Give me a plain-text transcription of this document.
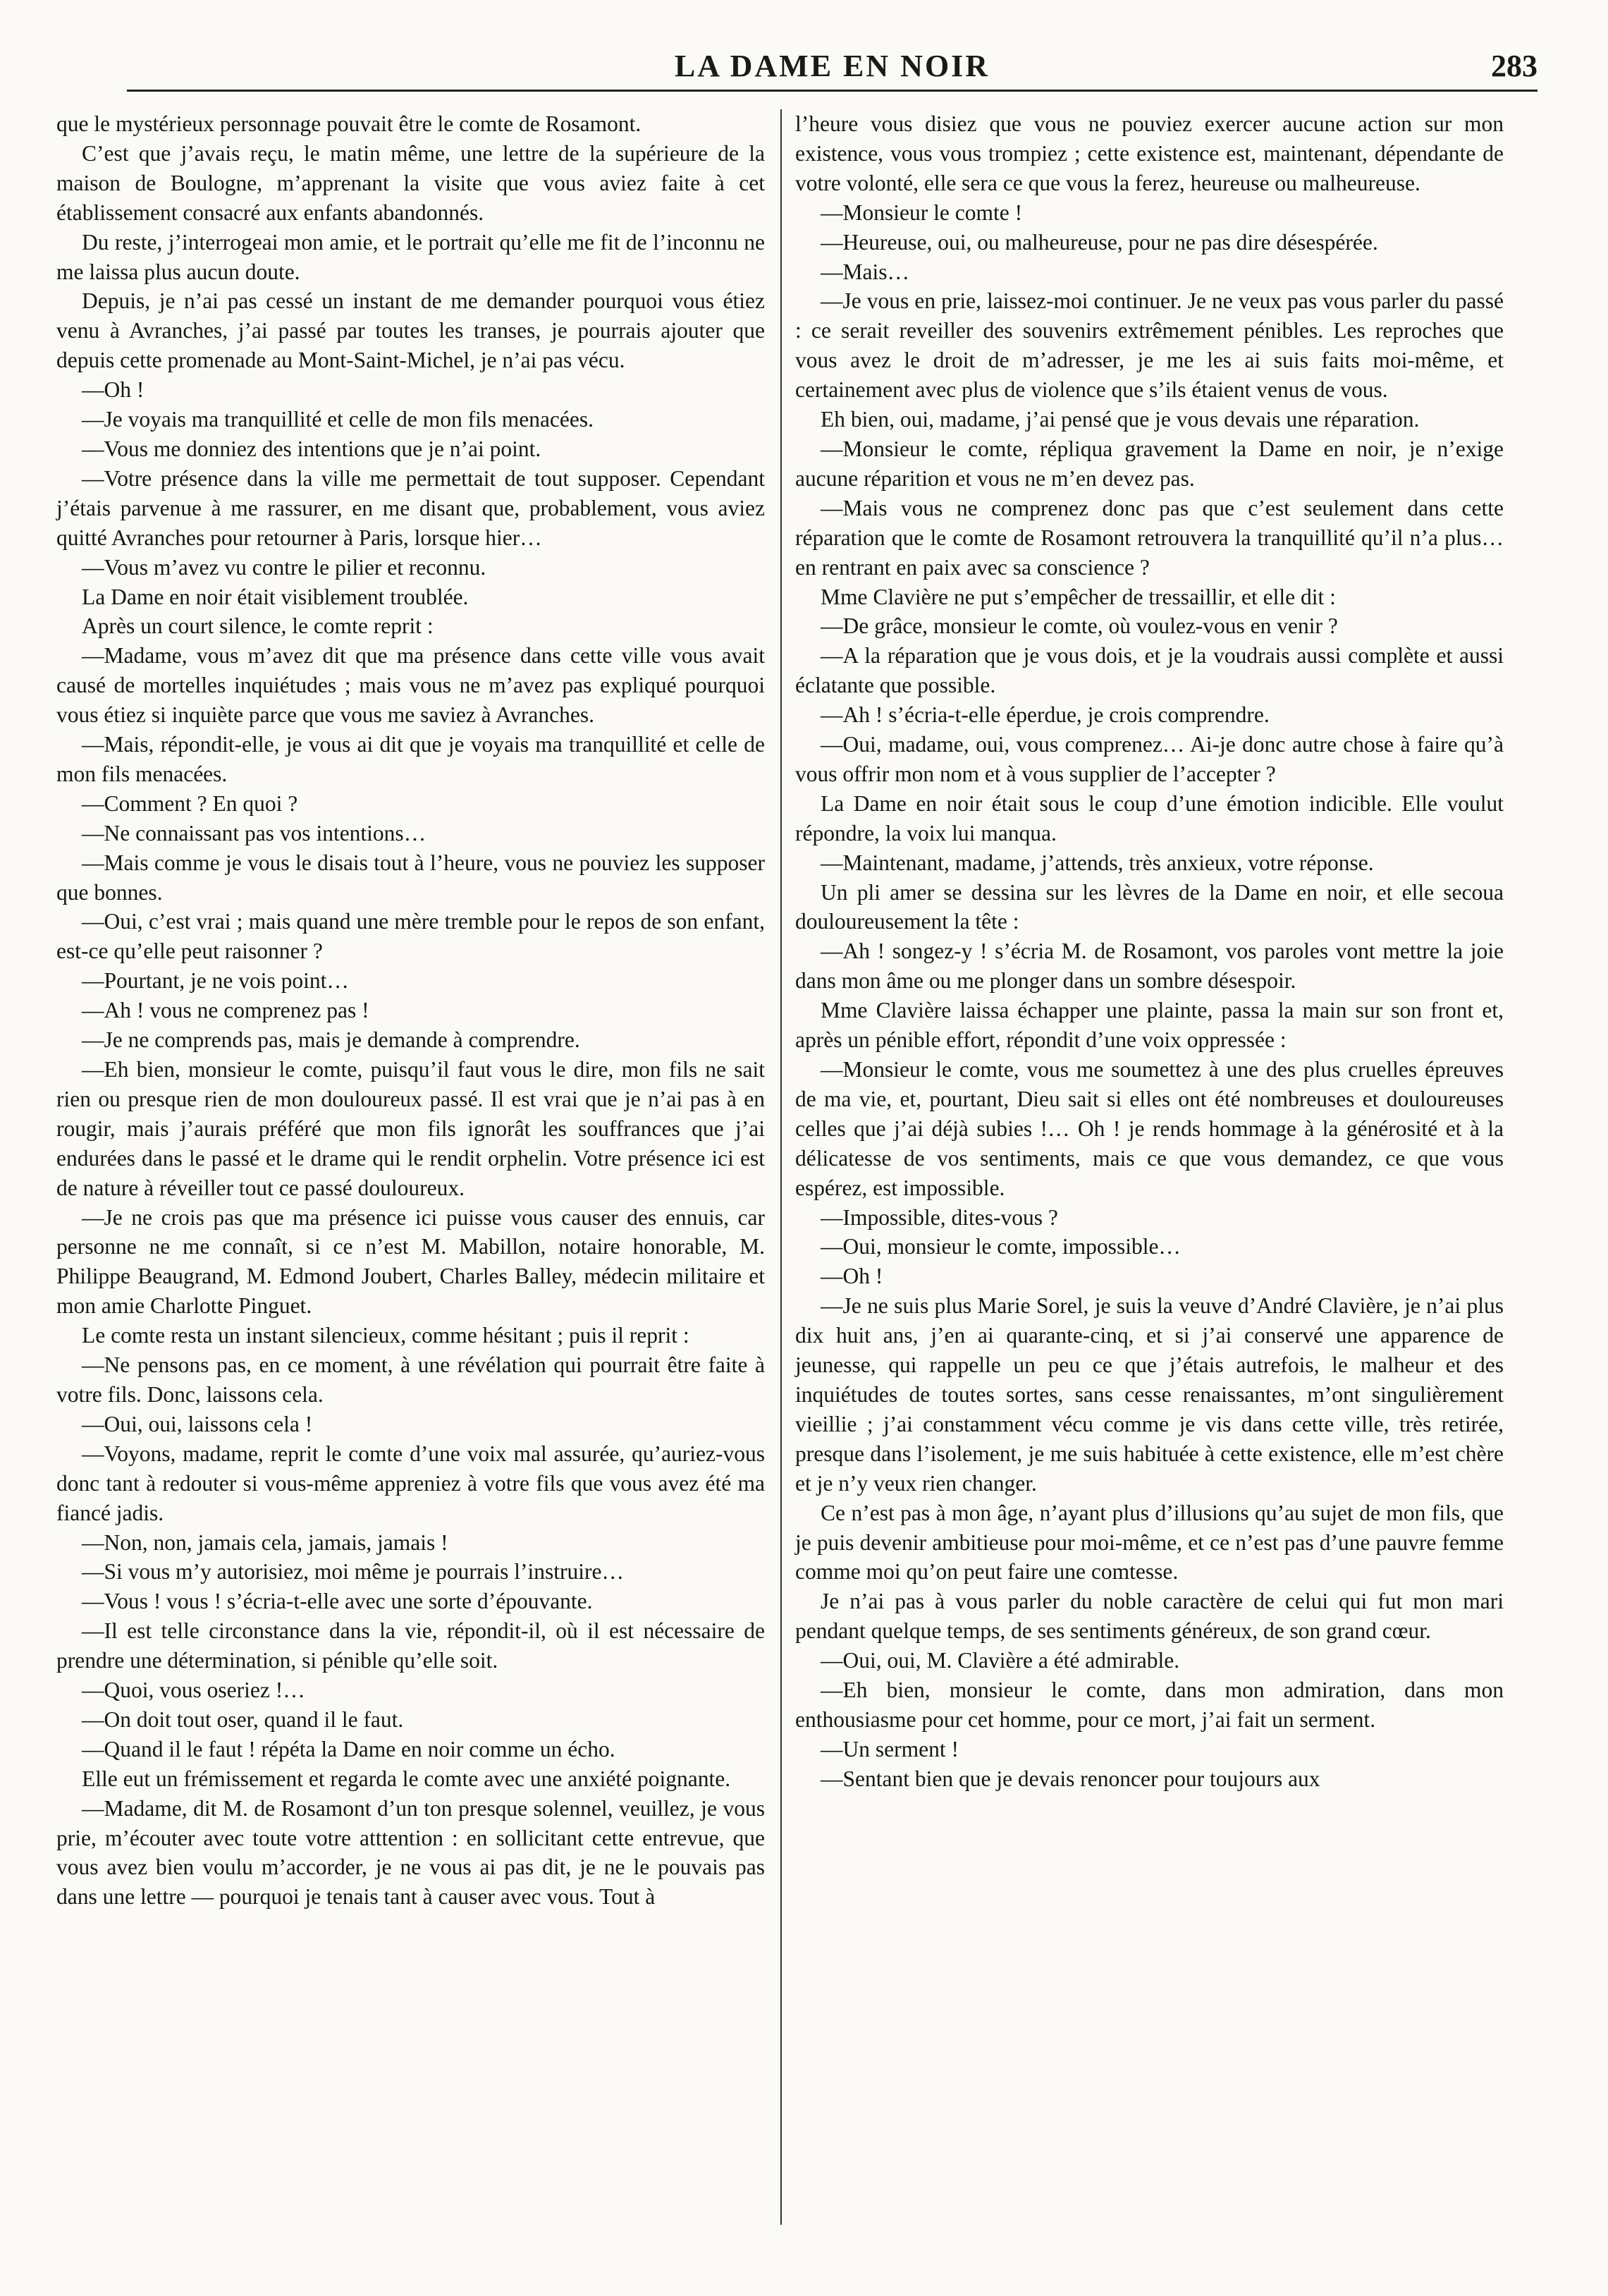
LA DAME EN NOIR	283

que le mystérieux personnage pouvait être le comte de Rosamont.

C’est que j’avais reçu, le matin même, une lettre de la supérieure de la maison de Boulogne, m’apprenant la visite que vous aviez faite à cet établissement consacré aux enfants abandonnés.

Du reste, j’interrogeai mon amie, et le portrait qu’elle me fit de l’inconnu ne me laissa plus aucun doute.

Depuis, je n’ai pas cessé un instant de me demander pourquoi vous étiez venu à Avranches, j’ai passé par toutes les transes, je pourrais ajouter que depuis cette promenade au Mont-Saint-Michel, je n’ai pas vécu.

—Oh !

—Je voyais ma tranquillité et celle de mon fils menacées.

—Vous me donniez des intentions que je n’ai point.

—Votre présence dans la ville me permettait de tout supposer. Cependant j’étais parvenue à me rassurer, en me disant que, probablement, vous aviez quitté Avranches pour retourner à Paris, lorsque hier…

—Vous m’avez vu contre le pilier et reconnu.

La Dame en noir était visiblement troublée.

Après un court silence, le comte reprit :

—Madame, vous m’avez dit que ma présence dans cette ville vous avait causé de mortelles inquiétudes ; mais vous ne m’avez pas expliqué pourquoi vous étiez si inquiète parce que vous me saviez à Avranches.

—Mais, répondit-elle, je vous ai dit que je voyais ma tranquillité et celle de mon fils menacées.

—Comment ? En quoi ?

—Ne connaissant pas vos intentions…

—Mais comme je vous le disais tout à l’heure, vous ne pouviez les supposer que bonnes.

—Oui, c’est vrai ; mais quand une mère tremble pour le repos de son enfant, est-ce qu’elle peut raisonner ?

—Pourtant, je ne vois point…

—Ah ! vous ne comprenez pas !

—Je ne comprends pas, mais je demande à comprendre.

—Eh bien, monsieur le comte, puisqu’il faut vous le dire, mon fils ne sait rien ou presque rien de mon douloureux passé. Il est vrai que je n’ai pas à en rougir, mais j’aurais préféré que mon fils ignorât les souffrances que j’ai endurées dans le passé et le drame qui le rendit orphelin. Votre présence ici est de nature à réveiller tout ce passé douloureux.

—Je ne crois pas que ma présence ici puisse vous causer des ennuis, car personne ne me connaît, si ce n’est M. Mabillon, notaire honorable, M. Philippe Beaugrand, M. Edmond Joubert, Charles Balley, médecin militaire et mon amie Charlotte Pinguet.

Le comte resta un instant silencieux, comme hésitant ; puis il reprit :

—Ne pensons pas, en ce moment, à une révélation qui pourrait être faite à votre fils. Donc, laissons cela.

—Oui, oui, laissons cela !

—Voyons, madame, reprit le comte d’une voix mal assurée, qu’auriez-vous donc tant à redouter si vous-même appreniez à votre fils que vous avez été ma fiancé jadis.

—Non, non, jamais cela, jamais, jamais !

—Si vous m’y autorisiez, moi même je pourrais l’instruire…

—Vous ! vous ! s’écria-t-elle avec une sorte d’épouvante.

—Il est telle circonstance dans la vie, répondit-il, où il est nécessaire de prendre une détermination, si pénible qu’elle soit.

—Quoi, vous oseriez !…

—On doit tout oser, quand il le faut.

—Quand il le faut ! répéta la Dame en noir comme un écho.

Elle eut un frémissement et regarda le comte avec une anxiété poignante.

—Madame, dit M. de Rosamont d’un ton presque solennel, veuillez, je vous prie, m’écouter avec toute votre atttention : en sollicitant cette entrevue, que vous avez bien voulu m’accorder, je ne vous ai pas dit, je ne le pouvais pas dans une lettre — pourquoi je tenais tant à causer avec vous. Tout à

l’heure vous disiez que vous ne pouviez exercer aucune action sur mon existence, vous vous trompiez ; cette existence est, maintenant, dépendante de votre volonté, elle sera ce que vous la ferez, heureuse ou malheureuse.

—Monsieur le comte !

—Heureuse, oui, ou malheureuse, pour ne pas dire désespérée.

—Mais…

—Je vous en prie, laissez-moi continuer. Je ne veux pas vous parler du passé : ce serait reveiller des souvenirs extrêmement pénibles. Les reproches que vous avez le droit de m’adresser, je me les ai suis faits moi-même, et certainement avec plus de violence que s’ils étaient venus de vous.

Eh bien, oui, madame, j’ai pensé que je vous devais une réparation.

—Monsieur le comte, répliqua gravement la Dame en noir, je n’exige aucune réparition et vous ne m’en devez pas.

—Mais vous ne comprenez donc pas que c’est seulement dans cette réparation que le comte de Rosamont retrouvera la tranquillité qu’il n’a plus… en rentrant en paix avec sa conscience ?

Mme Clavière ne put s’empêcher de tressaillir, et elle dit :

—De grâce, monsieur le comte, où voulez-vous en venir ?

—A la réparation que je vous dois, et je la voudrais aussi complète et aussi éclatante que possible.

—Ah ! s’écria-t-elle éperdue, je crois comprendre.

—Oui, madame, oui, vous comprenez… Ai-je donc autre chose à faire qu’à vous offrir mon nom et à vous supplier de l’accepter ?

La Dame en noir était sous le coup d’une émotion indicible. Elle voulut répondre, la voix lui manqua.

—Maintenant, madame, j’attends, très anxieux, votre réponse.

Un pli amer se dessina sur les lèvres de la Dame en noir, et elle secoua douloureusement la tête :

—Ah ! songez-y ! s’écria M. de Rosamont, vos paroles vont mettre la joie dans mon âme ou me plonger dans un sombre désespoir.

Mme Clavière laissa échapper une plainte, passa la main sur son front et, après un pénible effort, répondit d’une voix oppressée :

—Monsieur le comte, vous me soumettez à une des plus cruelles épreuves de ma vie, et, pourtant, Dieu sait si elles ont été nombreuses et douloureuses celles que j’ai déjà subies !… Oh ! je rends hommage à la générosité et à la délicatesse de vos sentiments, mais ce que vous demandez, ce que vous espérez, est impossible.

—Impossible, dites-vous ?

—Oui, monsieur le comte, impossible…

—Oh !

—Je ne suis plus Marie Sorel, je suis la veuve d’André Clavière, je n’ai plus dix huit ans, j’en ai quarante-cinq, et si j’ai conservé une apparence de jeunesse, qui rappelle un peu ce que j’étais autrefois, le malheur et des inquiétudes de toutes sortes, sans cesse renaissantes, m’ont singulièrement vieillie ; j’ai constamment vécu comme je vis dans cette ville, très retirée, presque dans l’isolement, je me suis habituée à cette existence, elle m’est chère et je n’y veux rien changer.

Ce n’est pas à mon âge, n’ayant plus d’illusions qu’au sujet de mon fils, que je puis devenir ambitieuse pour moi-même, et ce n’est pas d’une pauvre femme comme moi qu’on peut faire une comtesse.

Je n’ai pas à vous parler du noble caractère de celui qui fut mon mari pendant quelque temps, de ses sentiments généreux, de son grand cœur.

—Oui, oui, M. Clavière a été admirable.

—Eh bien, monsieur le comte, dans mon admiration, dans mon enthousiasme pour cet homme, pour ce mort, j’ai fait un serment.

—Un serment !

—Sentant bien que je devais renoncer pour toujours aux
